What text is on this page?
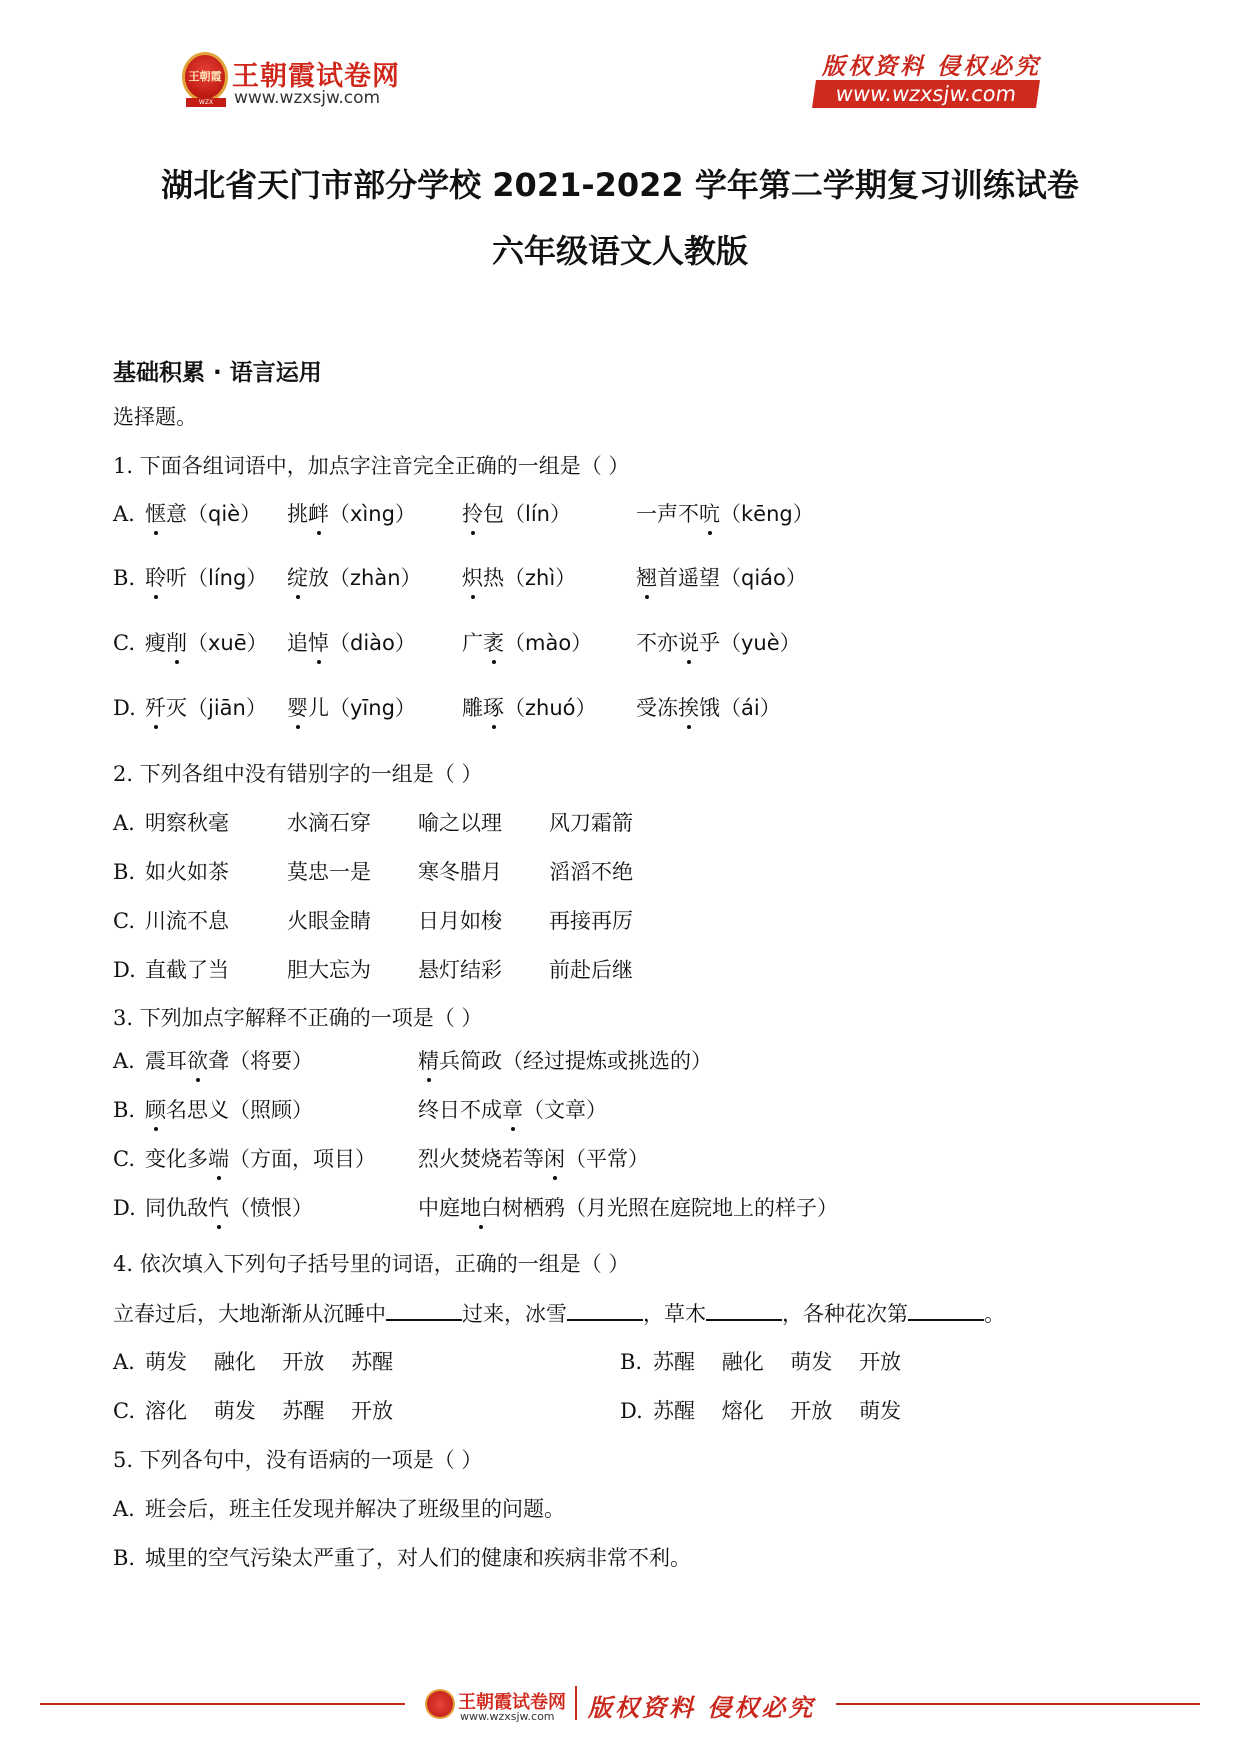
王朝霞
WZX
王朝霞试卷网
www.wzxsjw.com
版权资料 侵权必究
www.wzxsjw.com
湖北省天门市部分学校 2021-2022 学年第二学期复习训练试卷
六年级语文人教版
基础积累 · 语言运用
选择题。
1. 下面各组词语中，加点字注音完全正确的一组是（ ）
A. 惬意（qiè） 挑衅（xìng） 拎包（lín）	一声不吭（kēng）
B. 聆听（líng） 绽放（zhàn） 炽热（zhì）	翘首遥望（qiáo）
C. 瘦削（xuē） 追悼（diào） 广袤（mào） 不亦说乎（yuè）
D. 歼灭（jiān） 婴儿（yīng） 雕琢（zhuó） 受冻挨饿（ái）
2. 下列各组中没有错别字的一组是（ ）
A. 明察秋毫	水滴石穿 喻之以理 风刀霜箭
B. 如火如茶	莫忠一是 寒冬腊月 滔滔不绝
C. 川流不息	火眼金睛 日月如梭 再接再厉
D. 直截了当	胆大忘为 悬灯结彩 前赴后继
3. 下列加点字解释不正确的一项是（ ）
A. 震耳欲聋（将要）	精兵简政（经过提炼或挑选的）
B. 顾名思义（照顾）	终日不成章（文章）
C. 变化多端（方面，项目） 烈火焚烧若等闲（平常）
D. 同仇敌忾（愤恨）	中庭地白树栖鸦（月光照在庭院地上的样子）
4. 依次填入下列句子括号里的词语，正确的一组是（ ）
立春过后，大地渐渐从沉睡中	过来，冰雪	，草木	，各种花次第	。
A. 萌发    融化    开放    苏醒	B. 苏醒    融化    萌发    开放
C. 溶化    萌发    苏醒    开放	D. 苏醒    熔化    开放    萌发
5. 下列各句中，没有语病的一项是（ ）
A. 班会后，班主任发现并解决了班级里的问题。
B. 城里的空气污染太严重了，对人们的健康和疾病非常不利。
王朝霞试卷网
www.wzxsjw.com 版权资料 侵权必究
